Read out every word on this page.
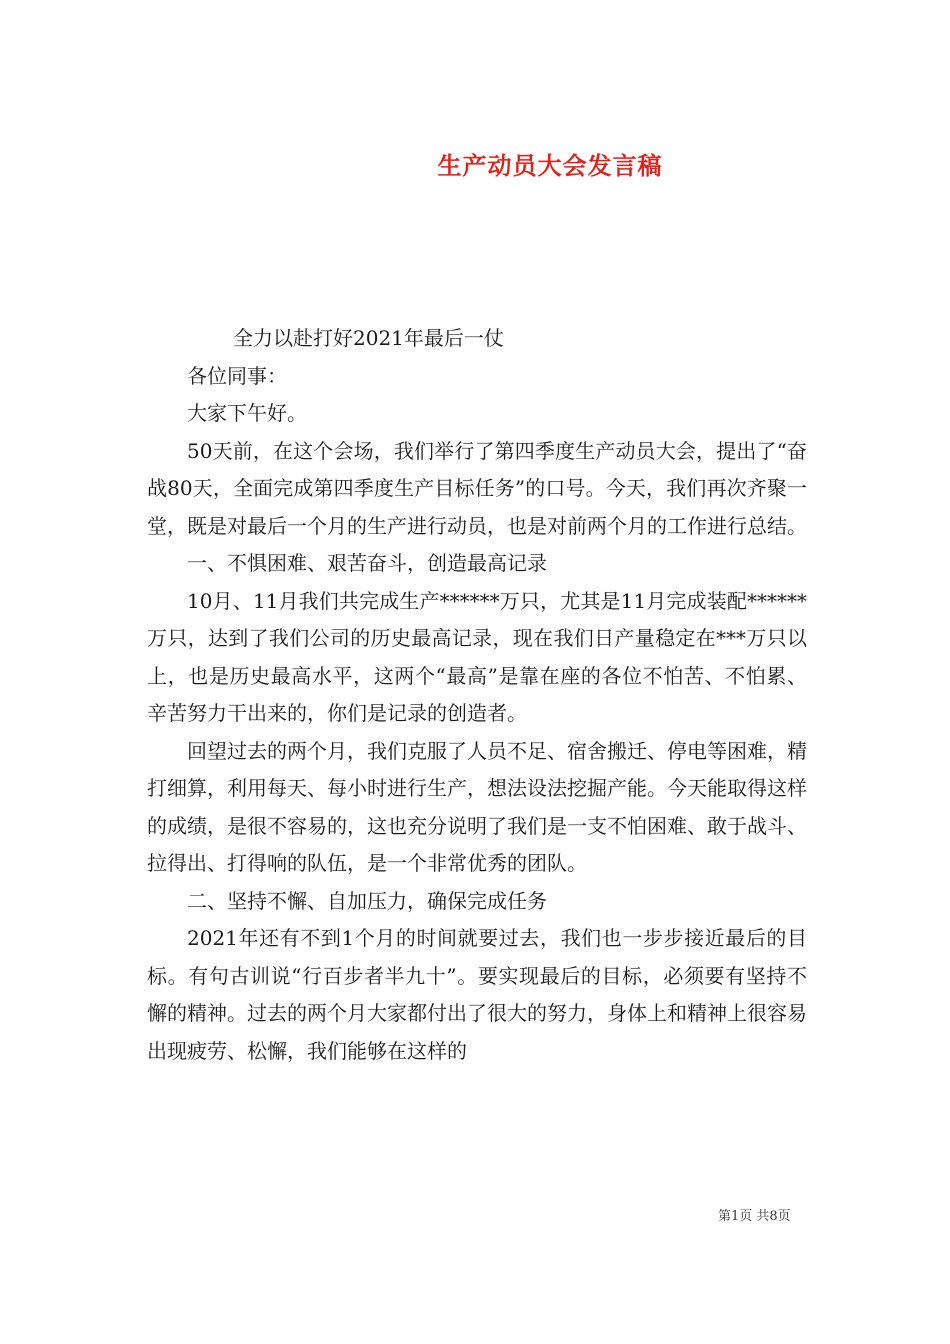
生产动员大会发言稿

全力以赴打好2021年最后一仗

各位同事：

大家下午好。

50天前，在这个会场，我们举行了第四季度生产动员大会，提出了“奋战80天，全面完成第四季度生产目标任务”的口号。今天，我们再次齐聚一堂，既是对最后一个月的生产进行动员，也是对前两个月的工作进行总结。

一、不惧困难、艰苦奋斗，创造最高记录

10月、11月我们共完成生产******万只，尤其是11月完成装配******万只，达到了我们公司的历史最高记录，现在我们日产量稳定在***万只以上，也是历史最高水平，这两个“最高”是靠在座的各位不怕苦、不怕累、辛苦努力干出来的，你们是记录的创造者。

回望过去的两个月，我们克服了人员不足、宿舍搬迁、停电等困难，精打细算，利用每天、每小时进行生产，想法设法挖掘产能。今天能取得这样的成绩，是很不容易的，这也充分说明了我们是一支不怕困难、敢于战斗、拉得出、打得响的队伍，是一个非常优秀的团队。

二、坚持不懈、自加压力，确保完成任务

2021年还有不到1个月的时间就要过去，我们也一步步接近最后的目标。有句古训说“行百步者半九十”。要实现最后的目标，必须要有坚持不懈的精神。过去的两个月大家都付出了很大的努力，身体上和精神上很容易出现疲劳、松懈，我们能够在这样的

第1页 共8页
